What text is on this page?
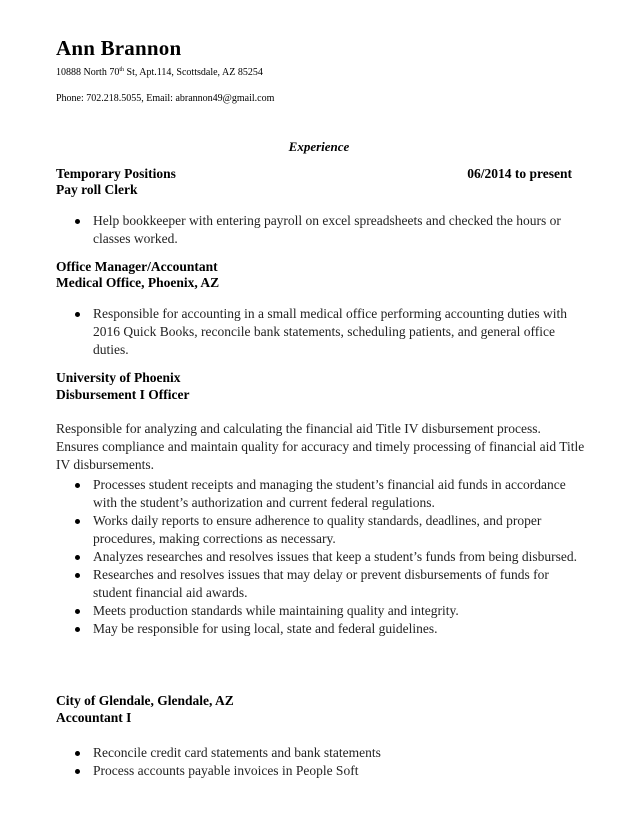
Ann Brannon
10888 North 70th St, Apt.114, Scottsdale, AZ 85254
Phone: 702.218.5055, Email: abrannon49@gmail.com
Experience
Temporary Positions	06/2014 to present
Pay roll Clerk
Help bookkeeper with entering payroll on excel spreadsheets and checked the hours or classes worked.
Office Manager/Accountant
Medical Office, Phoenix, AZ
Responsible for accounting in a small medical office performing accounting duties with 2016 Quick Books, reconcile bank statements, scheduling patients, and general office duties.
University of Phoenix
Disbursement I Officer
Responsible for analyzing and calculating the financial aid Title IV disbursement process. Ensures compliance and maintain quality for accuracy and timely processing of financial aid Title IV disbursements.
Processes student receipts and managing the student’s financial aid funds in accordance with the student’s authorization and current federal regulations.
Works daily reports to ensure adherence to quality standards, deadlines, and proper procedures, making corrections as necessary.
Analyzes researches and resolves issues that keep a student’s funds from being disbursed.
Researches and resolves issues that may delay or prevent disbursements of funds for student financial aid awards.
Meets production standards while maintaining quality and integrity.
May be responsible for using local, state and federal guidelines.
City of Glendale, Glendale, AZ
Accountant I
Reconcile credit card statements and bank statements
Process accounts payable invoices in People Soft
